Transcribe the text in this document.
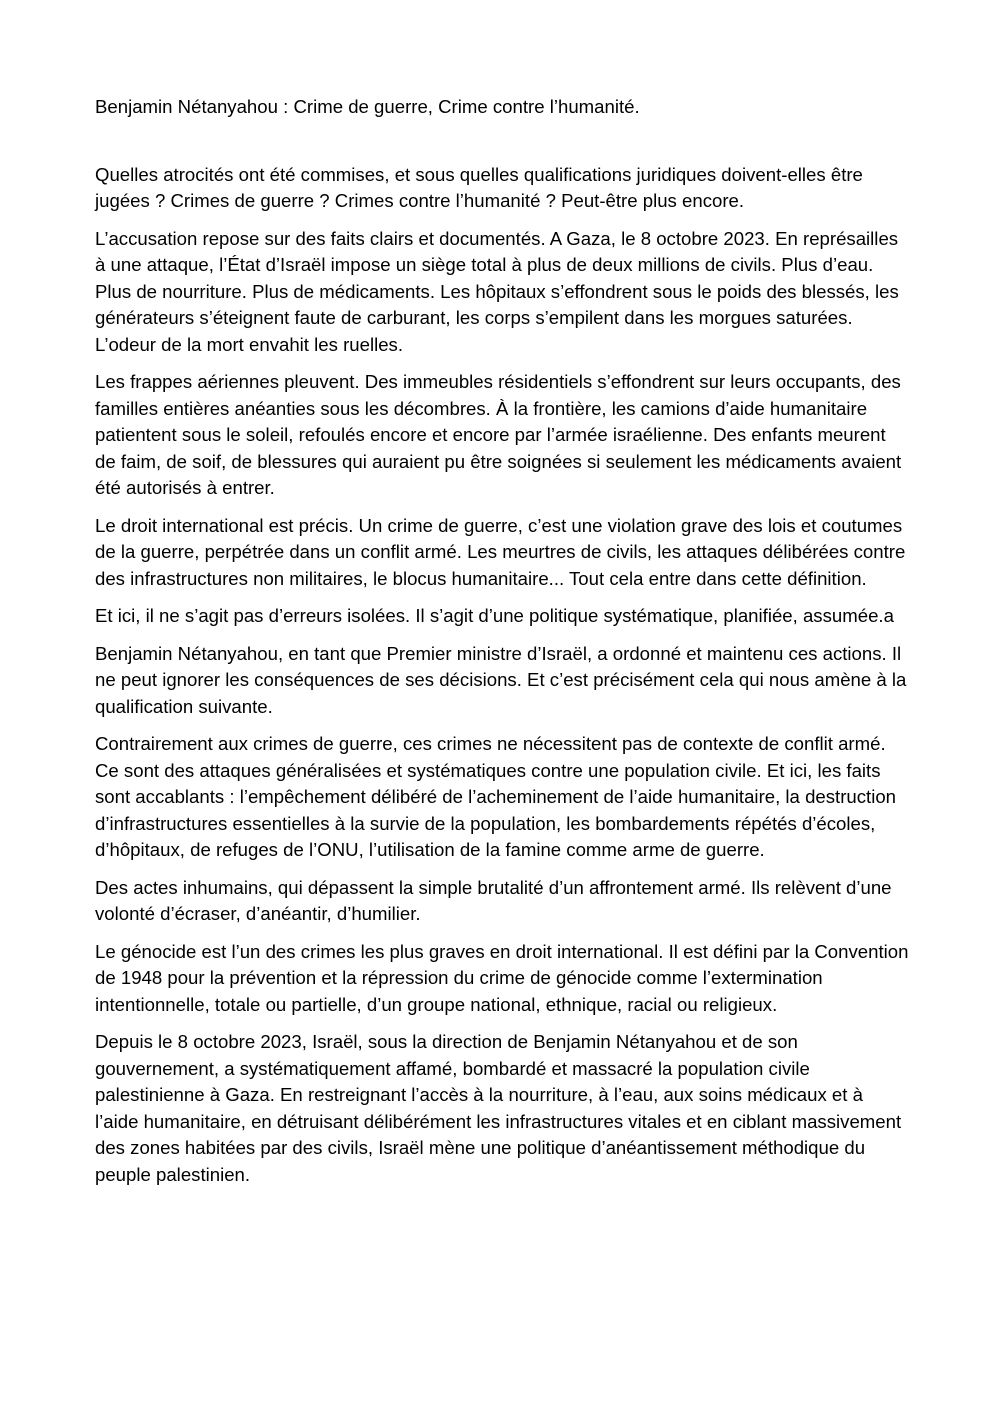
Benjamin Nétanyahou : Crime de guerre, Crime contre l’humanité.

Quelles atrocités ont été commises, et sous quelles qualifications juridiques doivent-elles être jugées ? Crimes de guerre ? Crimes contre l’humanité ? Peut-être plus encore.

L’accusation repose sur des faits clairs et documentés. A Gaza, le 8 octobre 2023. En représailles à une attaque, l’État d’Israël impose un siège total à plus de deux millions de civils. Plus d’eau. Plus de nourriture. Plus de médicaments. Les hôpitaux s’effondrent sous le poids des blessés, les générateurs s’éteignent faute de carburant, les corps s’empilent dans les morgues saturées. L’odeur de la mort envahit les ruelles.

Les frappes aériennes pleuvent. Des immeubles résidentiels s’effondrent sur leurs occupants, des familles entières anéanties sous les décombres. À la frontière, les camions d’aide humanitaire patientent sous le soleil, refoulés encore et encore par l’armée israélienne. Des enfants meurent de faim, de soif, de blessures qui auraient pu être soignées si seulement les médicaments avaient été autorisés à entrer.

Le droit international est précis. Un crime de guerre, c’est une violation grave des lois et coutumes de la guerre, perpétrée dans un conflit armé. Les meurtres de civils, les attaques délibérées contre des infrastructures non militaires, le blocus humanitaire... Tout cela entre dans cette définition.

Et ici, il ne s’agit pas d’erreurs isolées. Il s’agit d’une politique systématique, planifiée, assumée.a

Benjamin Nétanyahou, en tant que Premier ministre d’Israël, a ordonné et maintenu ces actions. Il ne peut ignorer les conséquences de ses décisions. Et c’est précisément cela qui nous amène à la qualification suivante.

Contrairement aux crimes de guerre, ces crimes ne nécessitent pas de contexte de conflit armé. Ce sont des attaques généralisées et systématiques contre une population civile. Et ici, les faits sont accablants : l’empêchement délibéré de l’acheminement de l’aide humanitaire, la destruction d’infrastructures essentielles à la survie de la population, les bombardements répétés d’écoles, d’hôpitaux, de refuges de l’ONU, l’utilisation de la famine comme arme de guerre.

Des actes inhumains, qui dépassent la simple brutalité d’un affrontement armé. Ils relèvent d’une volonté d’écraser, d’anéantir, d’humilier.

Le génocide est l’un des crimes les plus graves en droit international. Il est défini par la Convention de 1948 pour la prévention et la répression du crime de génocide comme l’extermination intentionnelle, totale ou partielle, d’un groupe national, ethnique, racial ou religieux.

Depuis le 8 octobre 2023, Israël, sous la direction de Benjamin Nétanyahou et de son gouvernement, a systématiquement affamé, bombardé et massacré la population civile palestinienne à Gaza. En restreignant l’accès à la nourriture, à l’eau, aux soins médicaux et à l’aide humanitaire, en détruisant délibérément les infrastructures vitales et en ciblant massivement des zones habitées par des civils, Israël mène une politique d’anéantissement méthodique du peuple palestinien.
